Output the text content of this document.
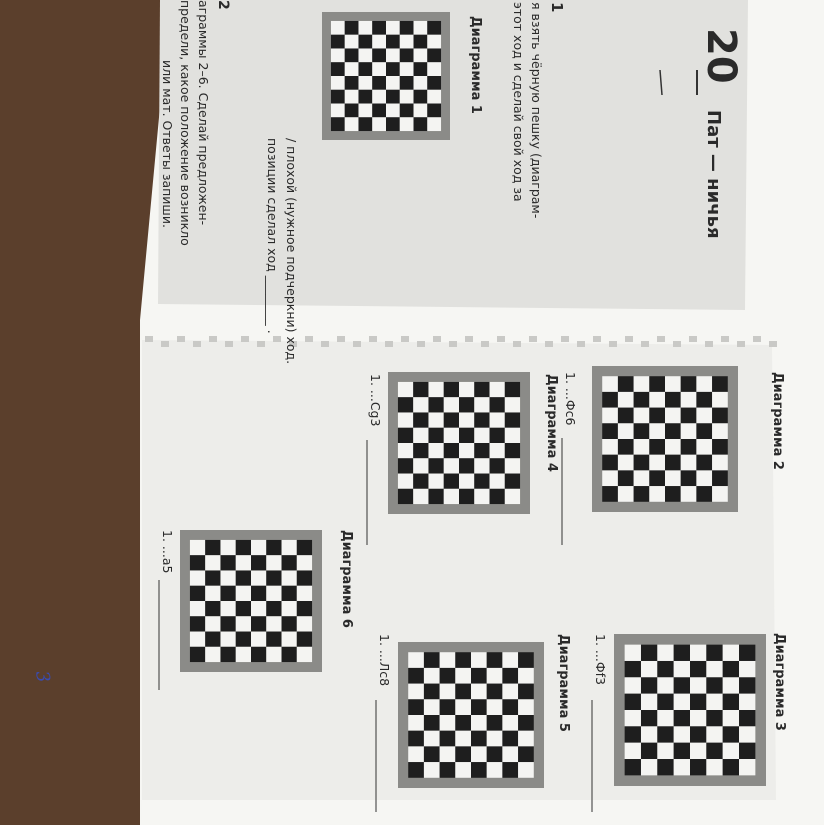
20
Пат — ничья
1
я взять чёрную пешку (диаграм-
этот ход и сделай свой ход за
Диаграмма 1
/ плохой (нужное подчеркни) ход.
позиции сделал ход ________ .
2
аграммы 2–6. Сделай предложен-
предели, какое положение возникло
или мат. Ответы запиши.
Диаграмма 2
1. ...Фс6
Диаграмма 3
1. ...Фf3
Диаграмма 4
1. ...Сg3
Диаграмма 5
1. ...Лс8
Диаграмма 6
1. ...а5
3
